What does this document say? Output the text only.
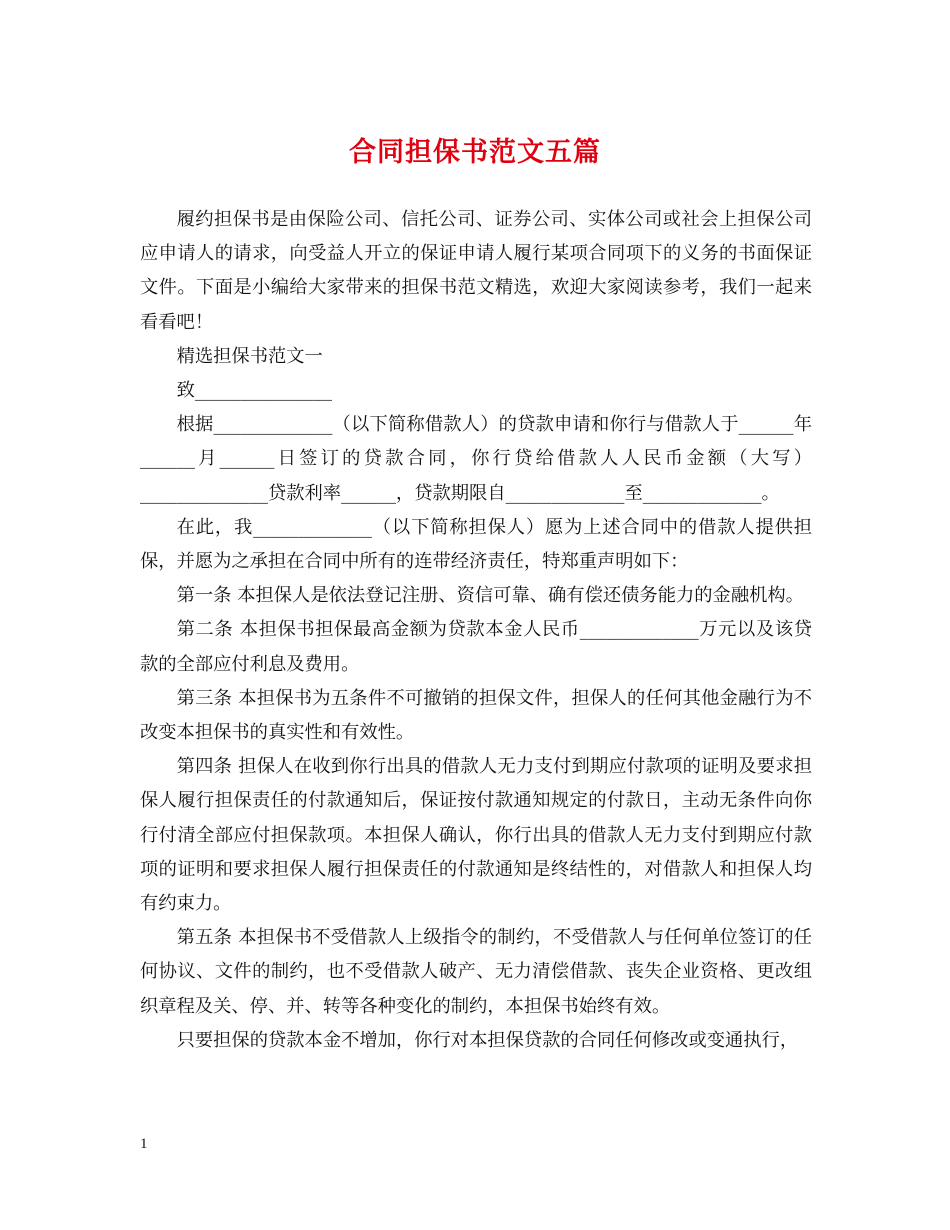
合同担保书范文五篇

履约担保书是由保险公司、信托公司、证券公司、实体公司或社会上担保公司应申请人的请求，向受益人开立的保证申请人履行某项合同项下的义务的书面保证文件。下面是小编给大家带来的担保书范文精选，欢迎大家阅读参考，我们一起来看看吧！

精选担保书范文一

致_______________

根据_____________（以下简称借款人）的贷款申请和你行与借款人于______年______月______日签订的贷款合同，你行贷给借款人人民币金额（大写）______________贷款利率______，贷款期限自_____________至_____________。

在此，我_____________（以下简称担保人）愿为上述合同中的借款人提供担保，并愿为之承担在合同中所有的连带经济责任，特郑重声明如下：

第一条 本担保人是依法登记注册、资信可靠、确有偿还债务能力的金融机构。

第二条 本担保书担保最高金额为贷款本金人民币_____________万元以及该贷款的全部应付利息及费用。

第三条 本担保书为五条件不可撤销的担保文件，担保人的任何其他金融行为不改变本担保书的真实性和有效性。

第四条 担保人在收到你行出具的借款人无力支付到期应付款项的证明及要求担保人履行担保责任的付款通知后，保证按付款通知规定的付款日，主动无条件向你行付清全部应付担保款项。本担保人确认，你行出具的借款人无力支付到期应付款项的证明和要求担保人履行担保责任的付款通知是终结性的，对借款人和担保人均有约束力。

第五条 本担保书不受借款人上级指令的制约，不受借款人与任何单位签订的任何协议、文件的制约，也不受借款人破产、无力清偿借款、丧失企业资格、更改组织章程及关、停、并、转等各种变化的制约，本担保书始终有效。

只要担保的贷款本金不增加，你行对本担保贷款的合同任何修改或变通执行，

1
